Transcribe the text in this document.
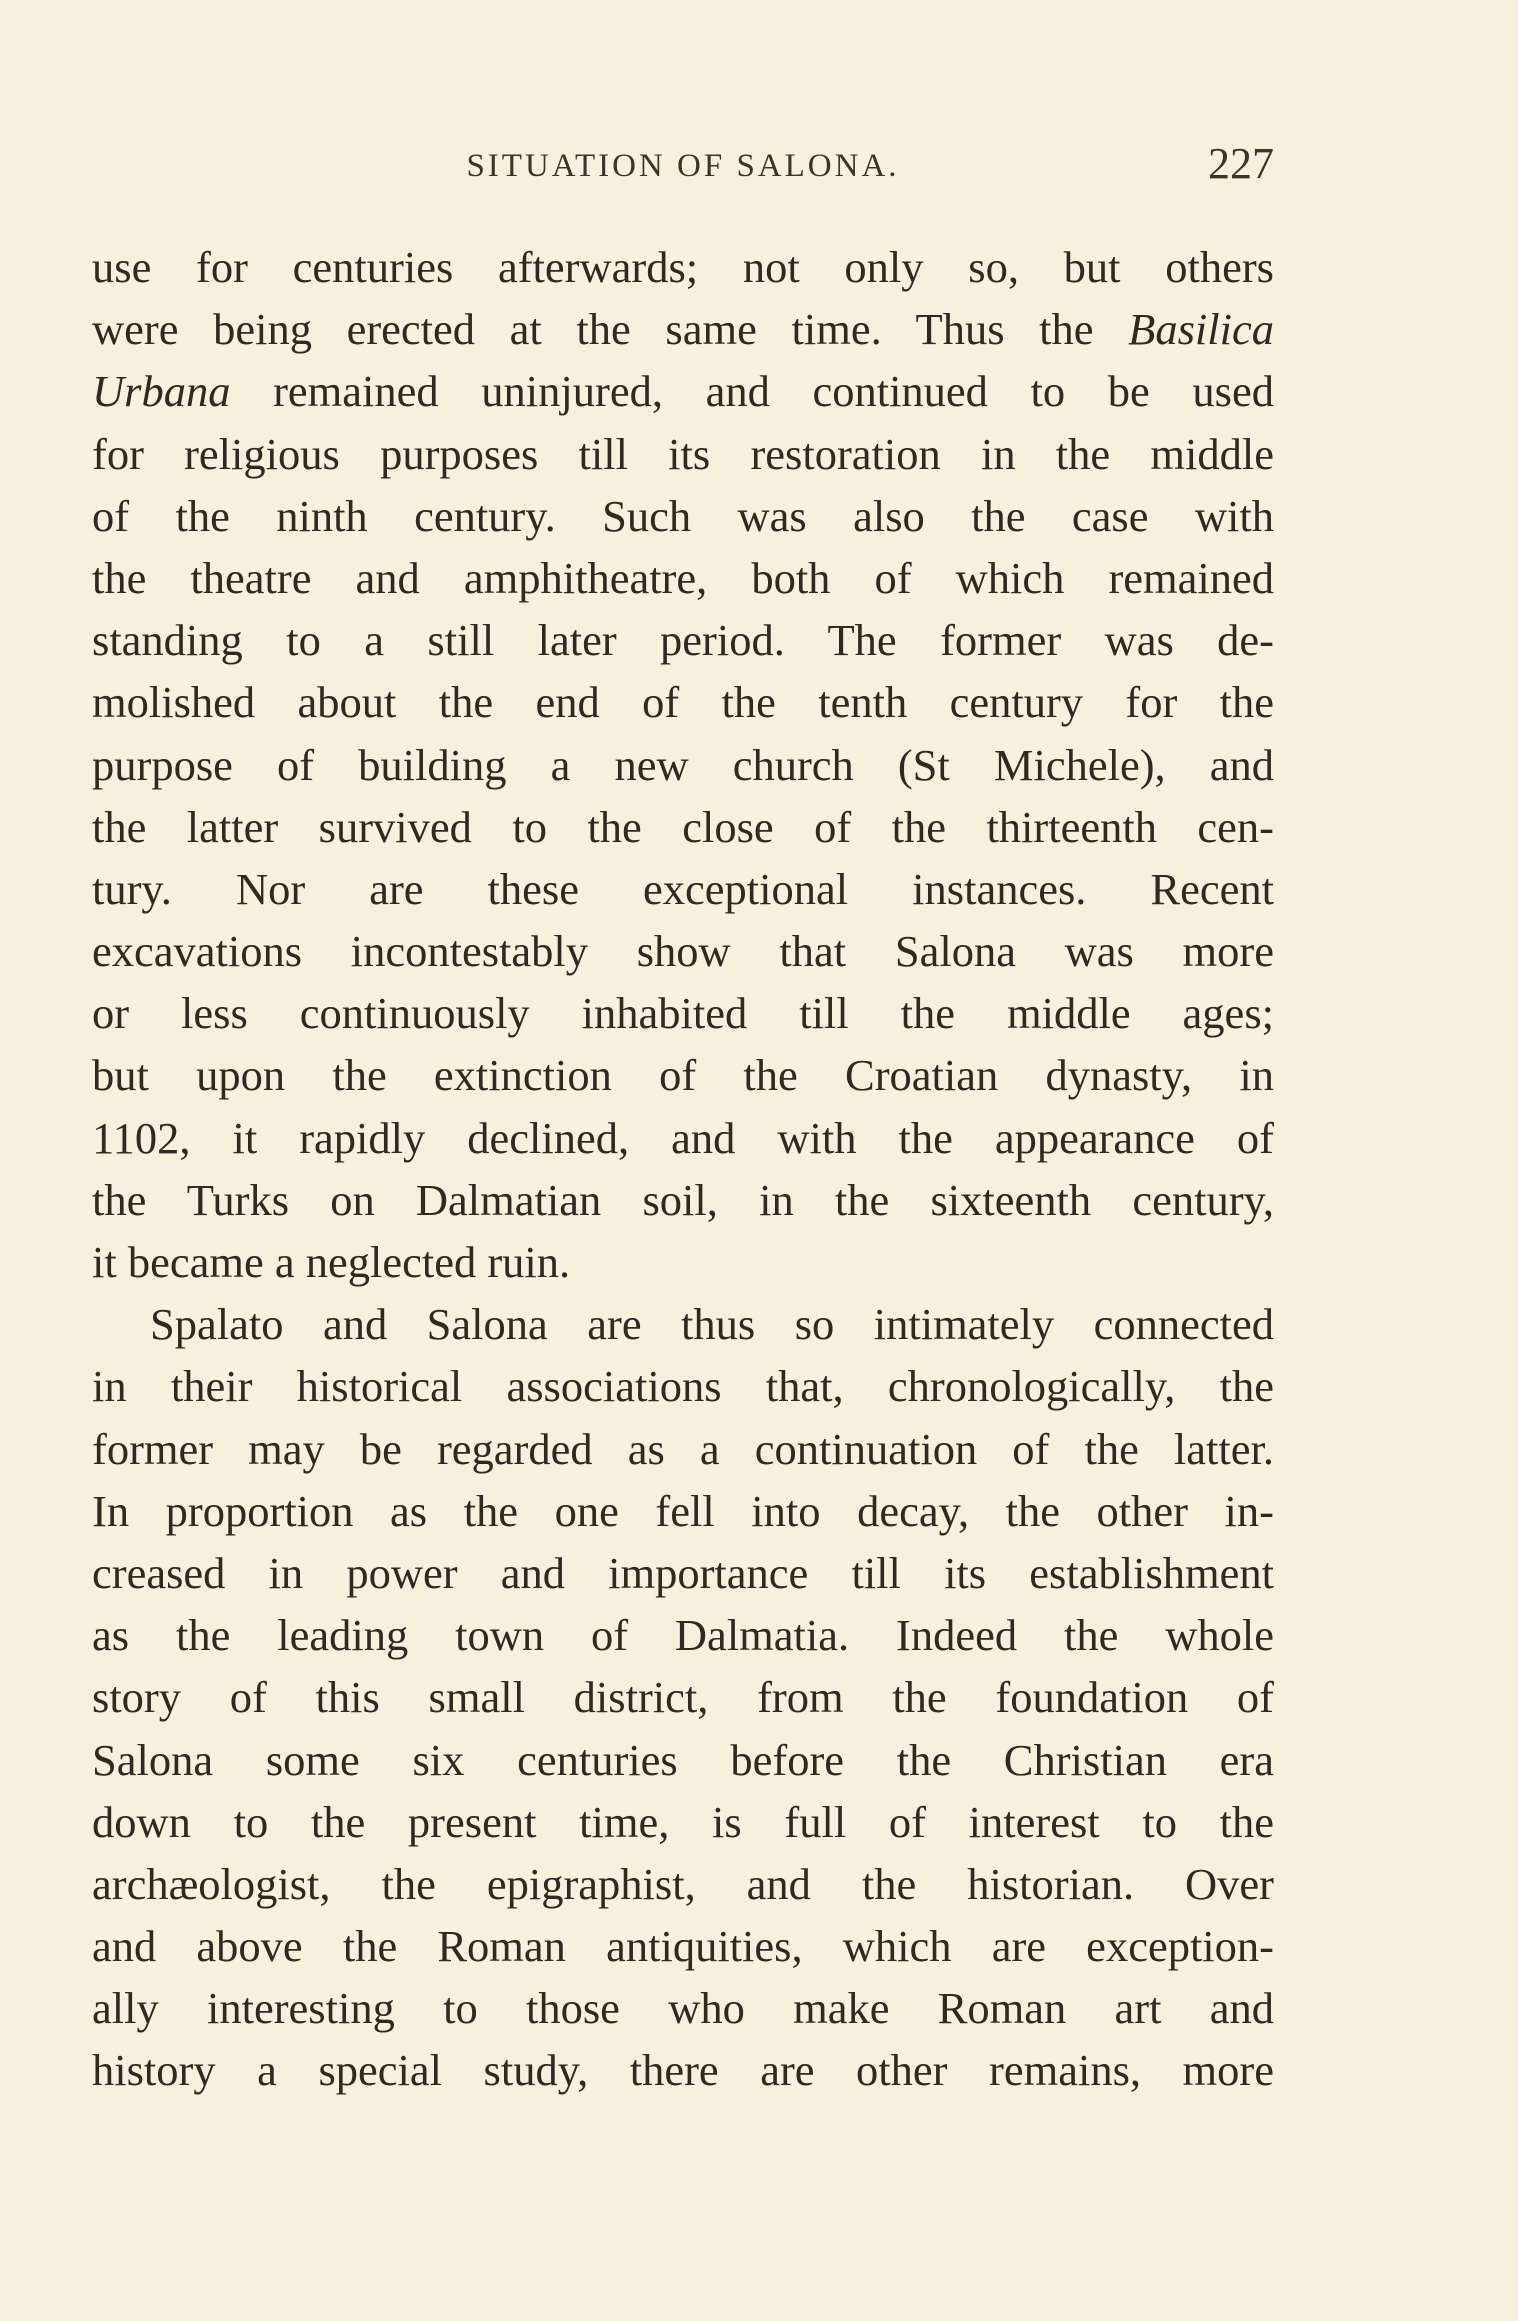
SITUATION OF SALONA.	227
use for centuries afterwards; not only so, but others
were being erected at the same time. Thus the Basilica
Urbana remained uninjured, and continued to be used
for religious purposes till its restoration in the middle
of the ninth century. Such was also the case with
the theatre and amphitheatre, both of which remained
standing to a still later period. The former was de-
molished about the end of the tenth century for the
purpose of building a new church (St Michele), and
the latter survived to the close of the thirteenth cen-
tury. Nor are these exceptional instances. Recent
excavations incontestably show that Salona was more
or less continuously inhabited till the middle ages;
but upon the extinction of the Croatian dynasty, in
1102, it rapidly declined, and with the appearance of
the Turks on Dalmatian soil, in the sixteenth century,
it became a neglected ruin.
Spalato and Salona are thus so intimately connected
in their historical associations that, chronologically, the
former may be regarded as a continuation of the latter.
In proportion as the one fell into decay, the other in-
creased in power and importance till its establishment
as the leading town of Dalmatia. Indeed the whole
story of this small district, from the foundation of
Salona some six centuries before the Christian era
down to the present time, is full of interest to the
archæologist, the epigraphist, and the historian. Over
and above the Roman antiquities, which are exception-
ally interesting to those who make Roman art and
history a special study, there are other remains, more
